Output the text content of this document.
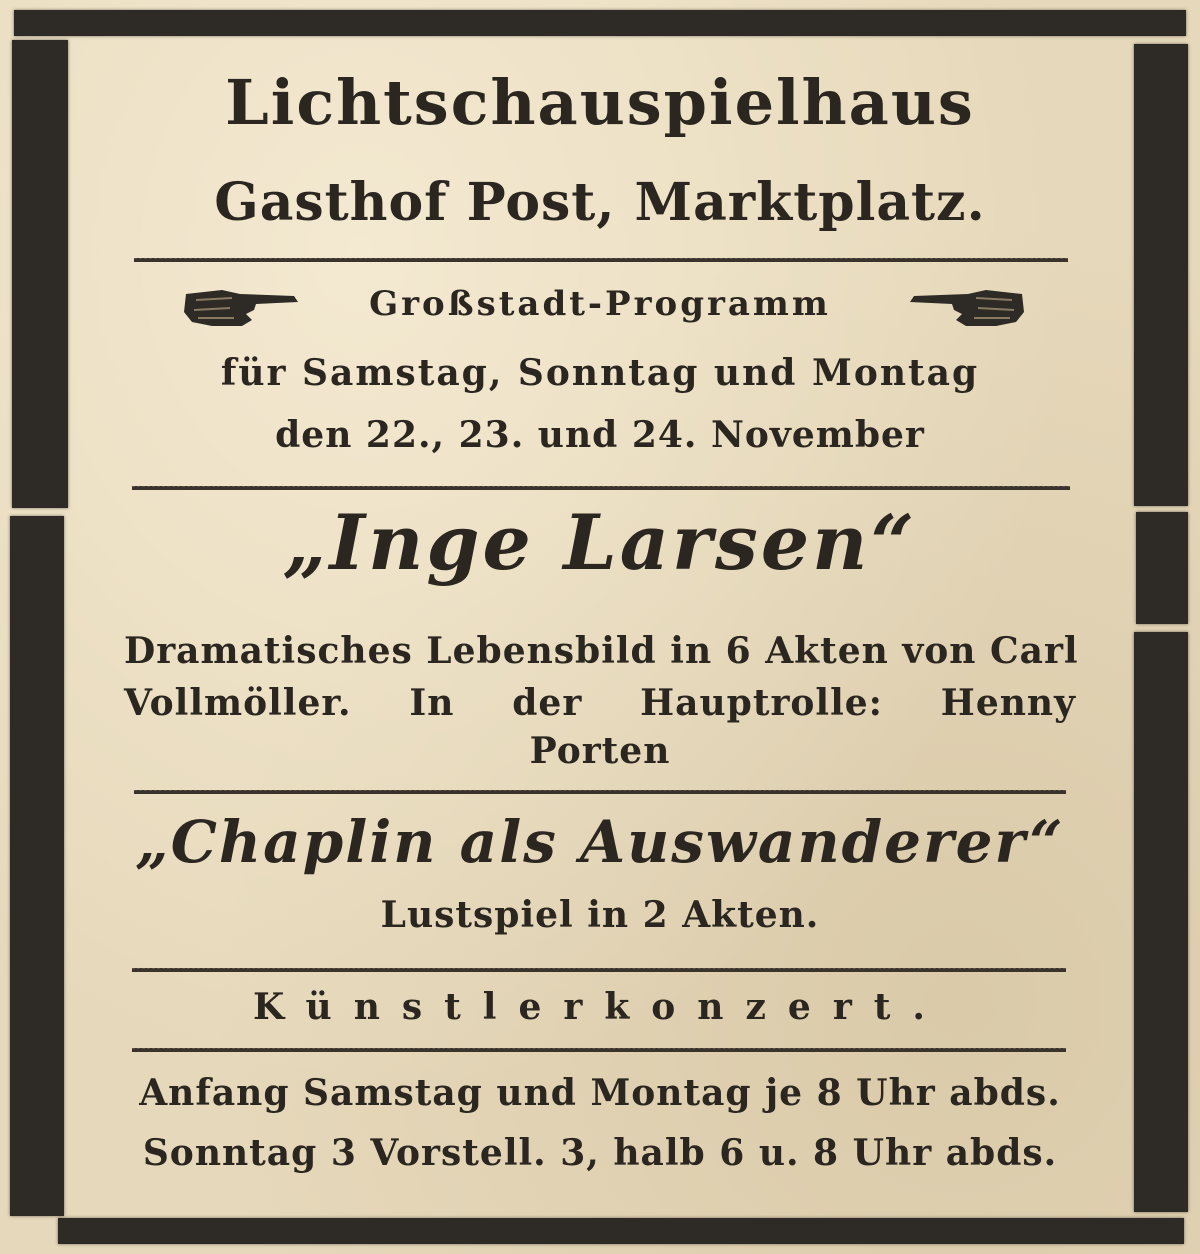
Lichtschauspielhaus
Gasthof Post, Marktplatz.
Großstadt-Programm
für Samstag, Sonntag und Montag
den 22., 23. und 24. November
„Inge Larsen“
Dramatisches Lebensbild in 6 Akten von Carl
Vollmöller. In der Hauptrolle: Henny
Porten
„Chaplin als Auswanderer“
Lustspiel in 2 Akten.
Künstlerkonzert.
Anfang Samstag und Montag je 8 Uhr abds.
Sonntag 3 Vorstell. 3, halb 6 u. 8 Uhr abds.
